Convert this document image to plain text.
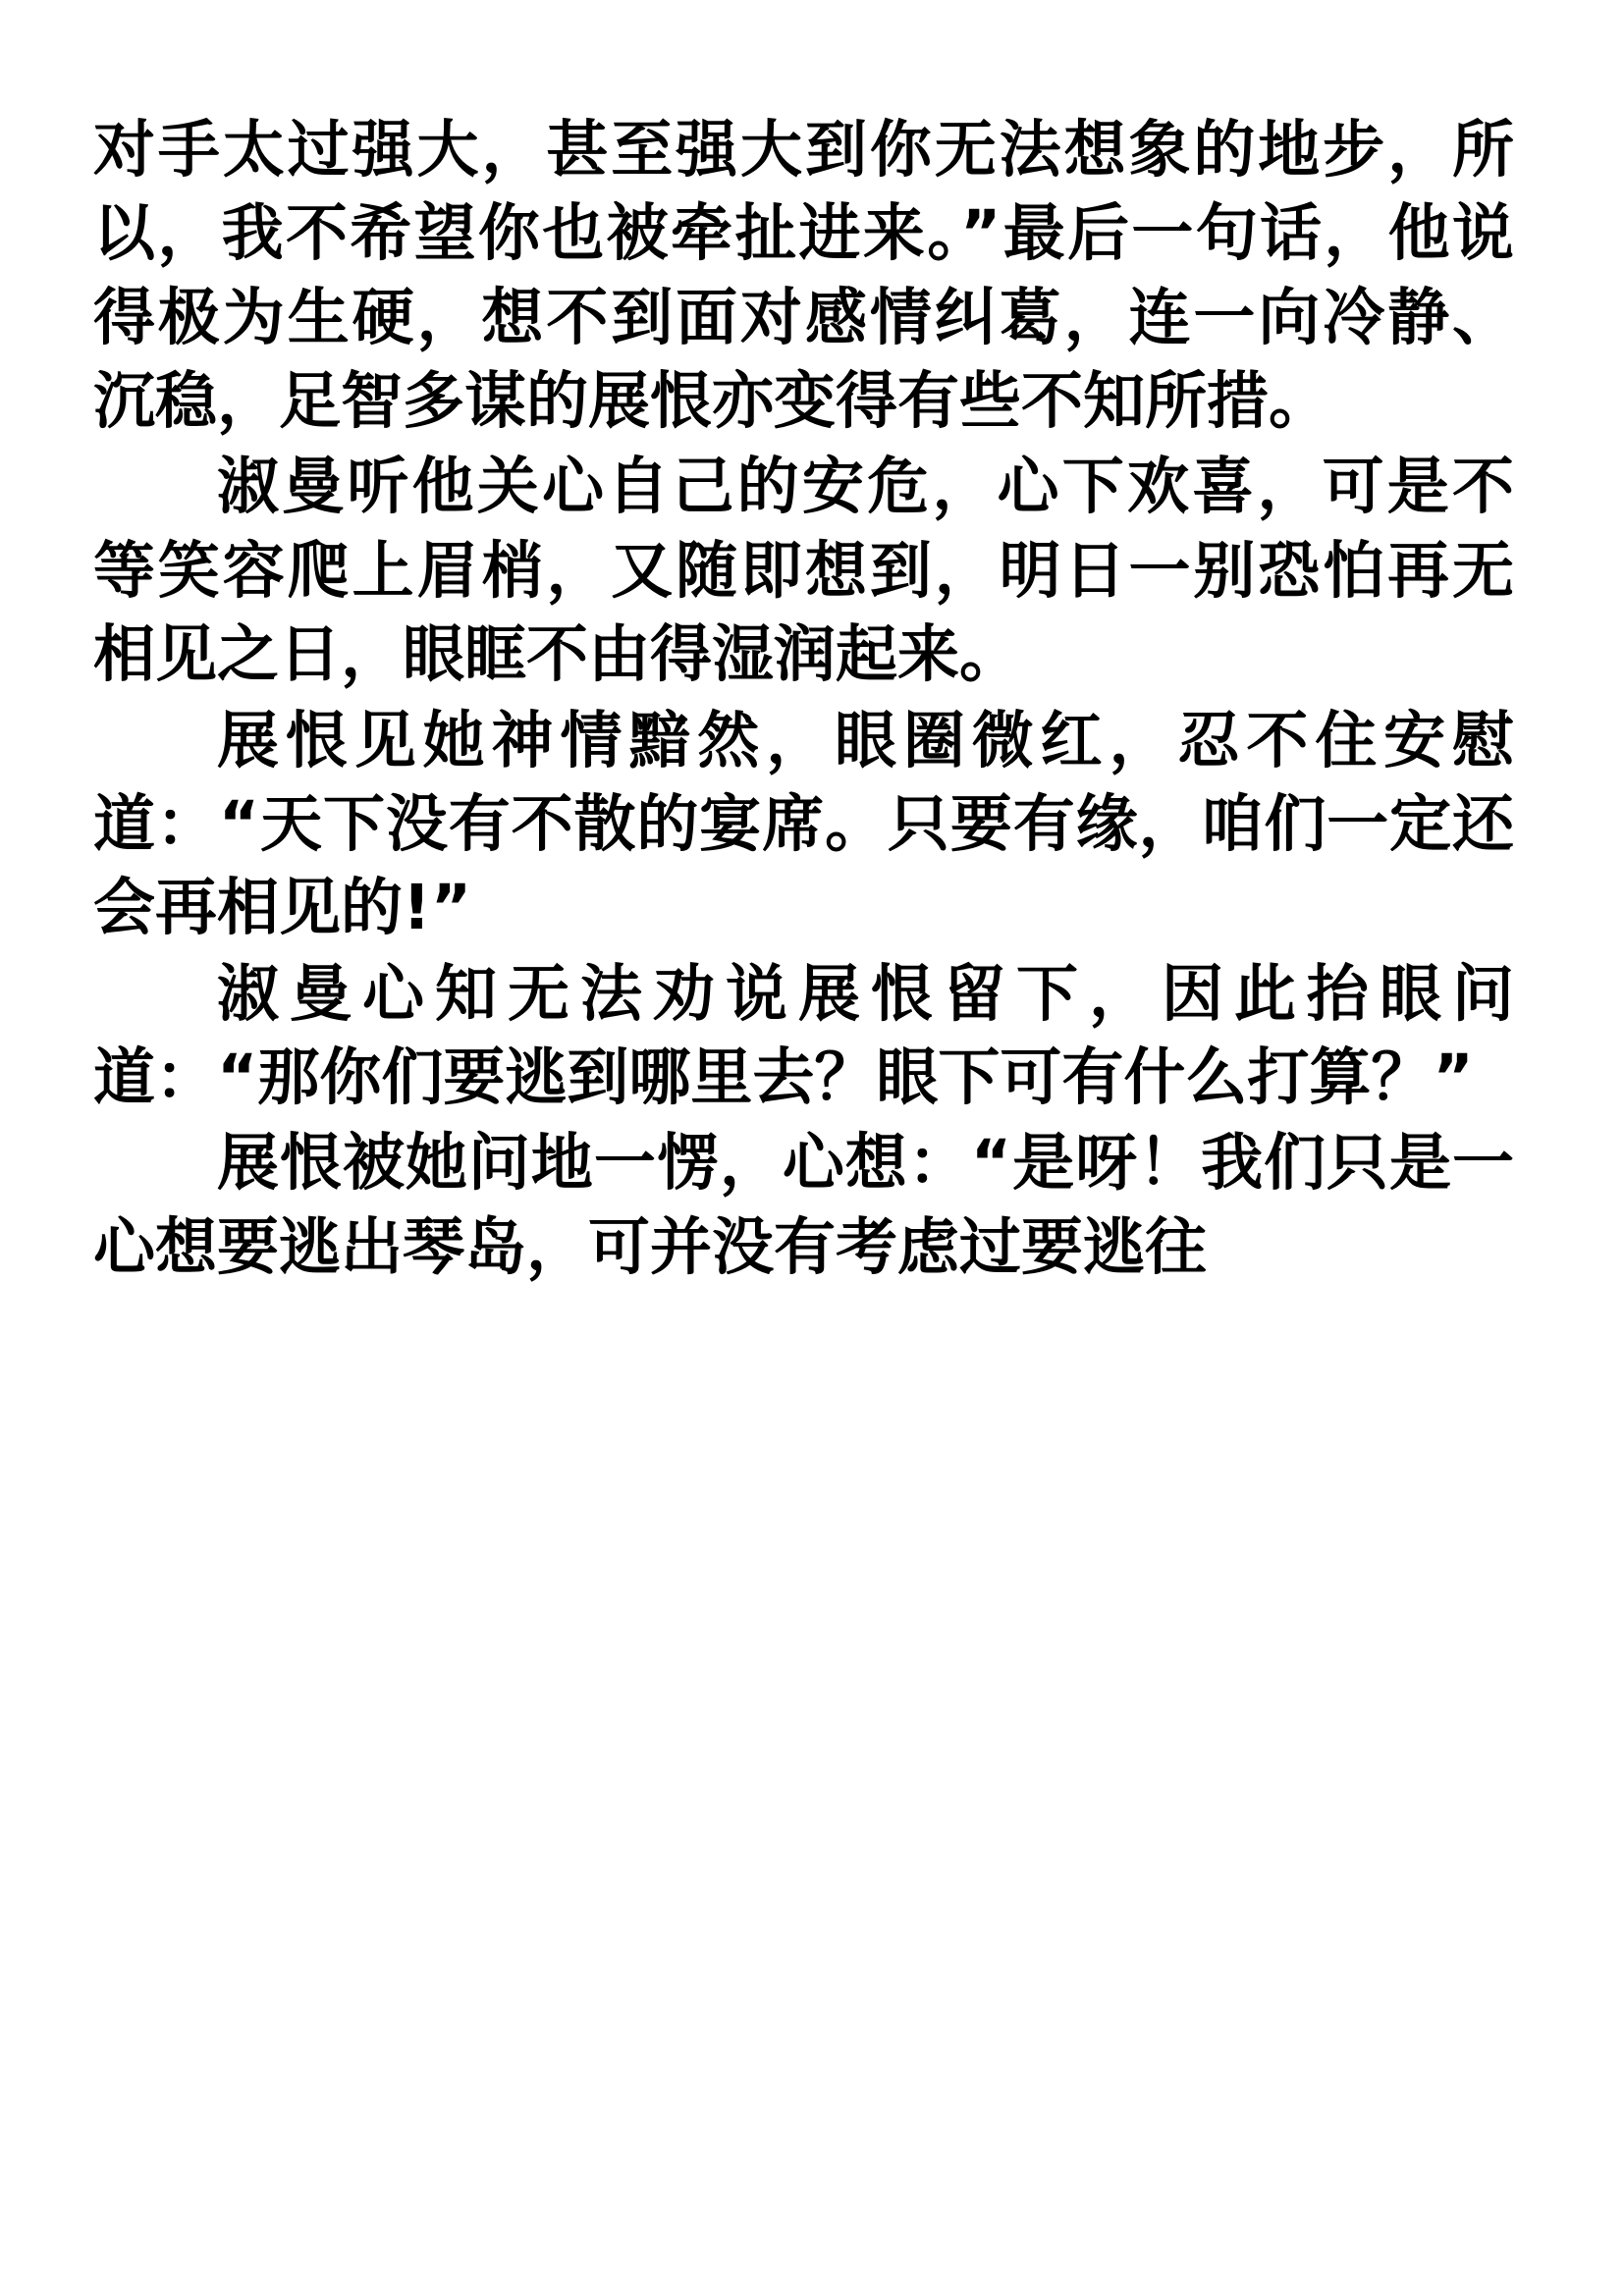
对手太过强大，甚至强大到你无法想象的地步，所以，我不希望你也被牵扯进来。”最后一句话，他说得极为生硬，想不到面对感情纠葛，连一向冷静、沉稳，足智多谋的展恨亦变得有些不知所措。

淑曼听他关心自己的安危，心下欢喜，可是不等笑容爬上眉梢，又随即想到，明日一别恐怕再无相见之日，眼眶不由得湿润起来。

展恨见她神情黯然，眼圈微红，忍不住安慰道：“天下没有不散的宴席。只要有缘，咱们一定还会再相见的!”

淑曼心知无法劝说展恨留下，因此抬眼问道：“那你们要逃到哪里去？眼下可有什么打算？”

展恨被她问地一愣，心想：“是呀！我们只是一心想要逃出琴岛，可并没有考虑过要逃往
